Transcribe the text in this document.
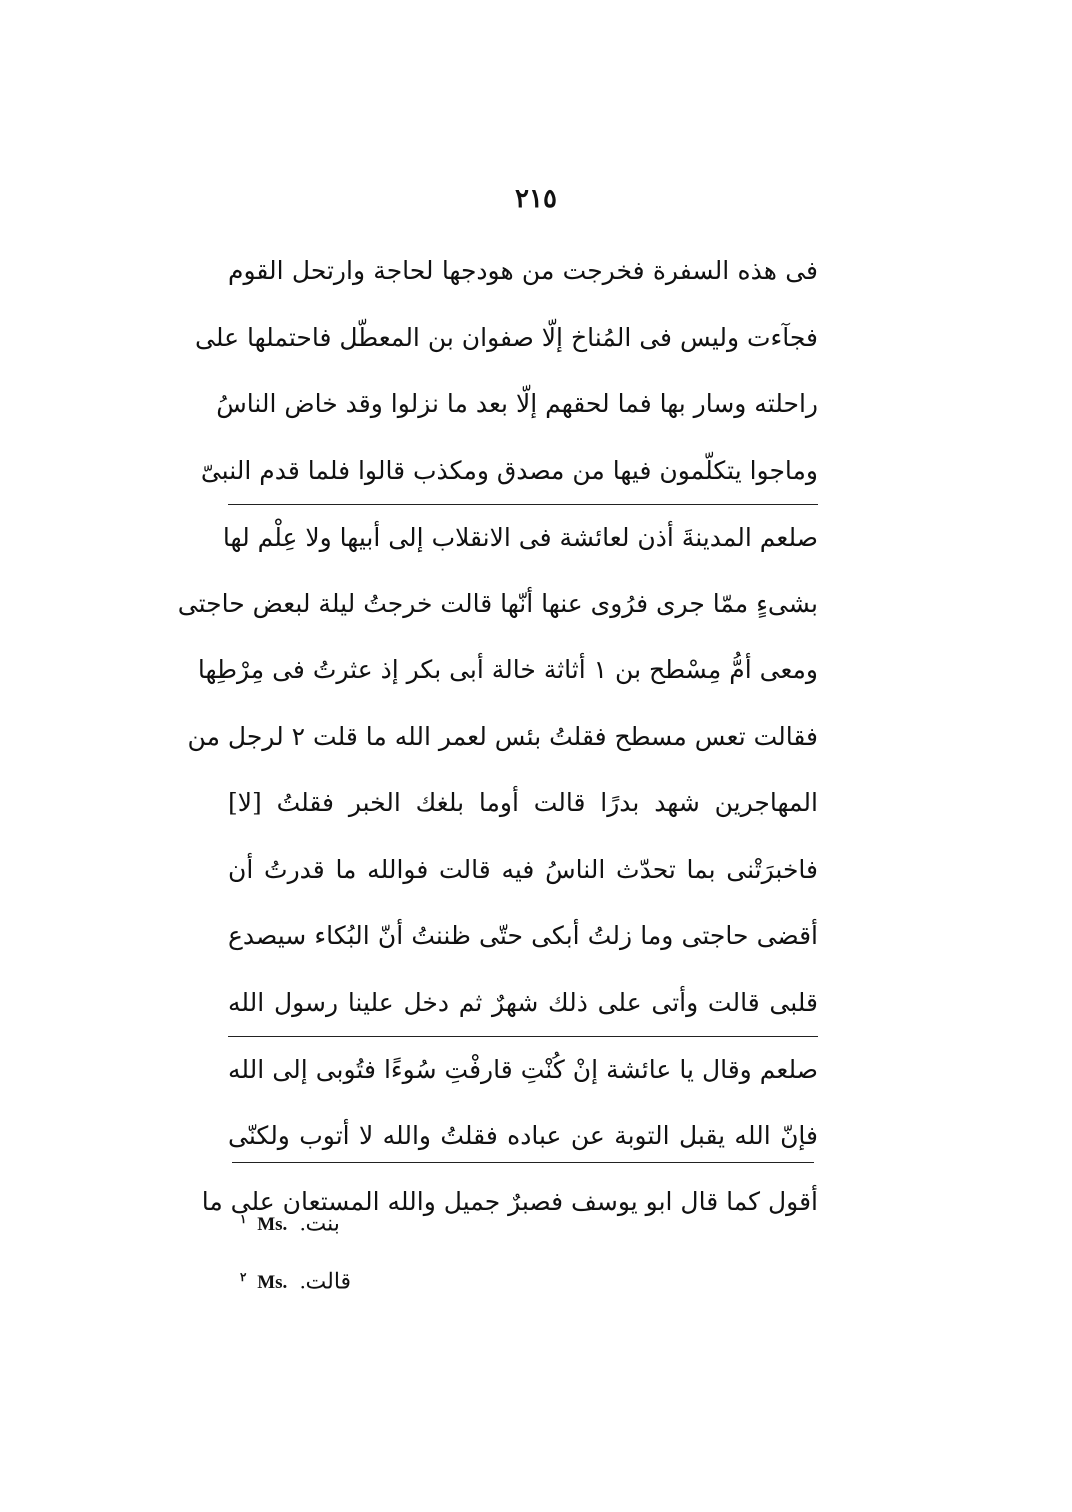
٢١٥
فى هذه السفرة فخرجت من هودجها لحاجة وارتحل القوم
فجآءت وليس فى المُناخ إلّا صفوان بن المعطّل فاحتملها على
راحلته وسار بها فما لحقهم إلّا بعد ما نزلوا وقد خاض الناسُ
وماجوا يتكلّمون فيها من مصدق ومكذب قالوا فلما قدم النبىّ
صلعم المدينةَ أذن لعائشة فى الانقلاب إلى أبيها ولا عِلْم لها
بشىءٍ ممّا جرى فرُوى عنها أنّها قالت خرجتُ ليلة لبعض حاجتى
ومعى أمُّ مِسْطح بن ١ أثاثة خالة أبى بكر إذ عثرتُ فى مِرْطِها
فقالت تعس مسطح فقلتُ بئس لعمر الله ما قلت ٢ لرجل من
المهاجرين شهد بدرًا قالت أوما بلغك الخبر فقلتُ [لا]
فاخبرَتْنى بما تحدّث الناسُ فيه قالت فوالله ما قدرتُ أن
أقضى حاجتى وما زلتُ أبكى حتّى ظننتُ أنّ البُكاء سيصدع
قلبى قالت وأتى على ذلك شهرٌ ثم دخل علينا رسول الله
صلعم وقال يا عائشة إنْ كُنْتِ قارفْتِ سُوءًا فتُوبى إلى الله
فإنّ الله يقبل التوبة عن عباده فقلتُ والله لا أتوب ولكنّى
أقول كما قال ابو يوسف فصبرٌ جميل والله المستعان على ما
$^١$ Ms. بنت.
$^٢$ Ms. قالت.
